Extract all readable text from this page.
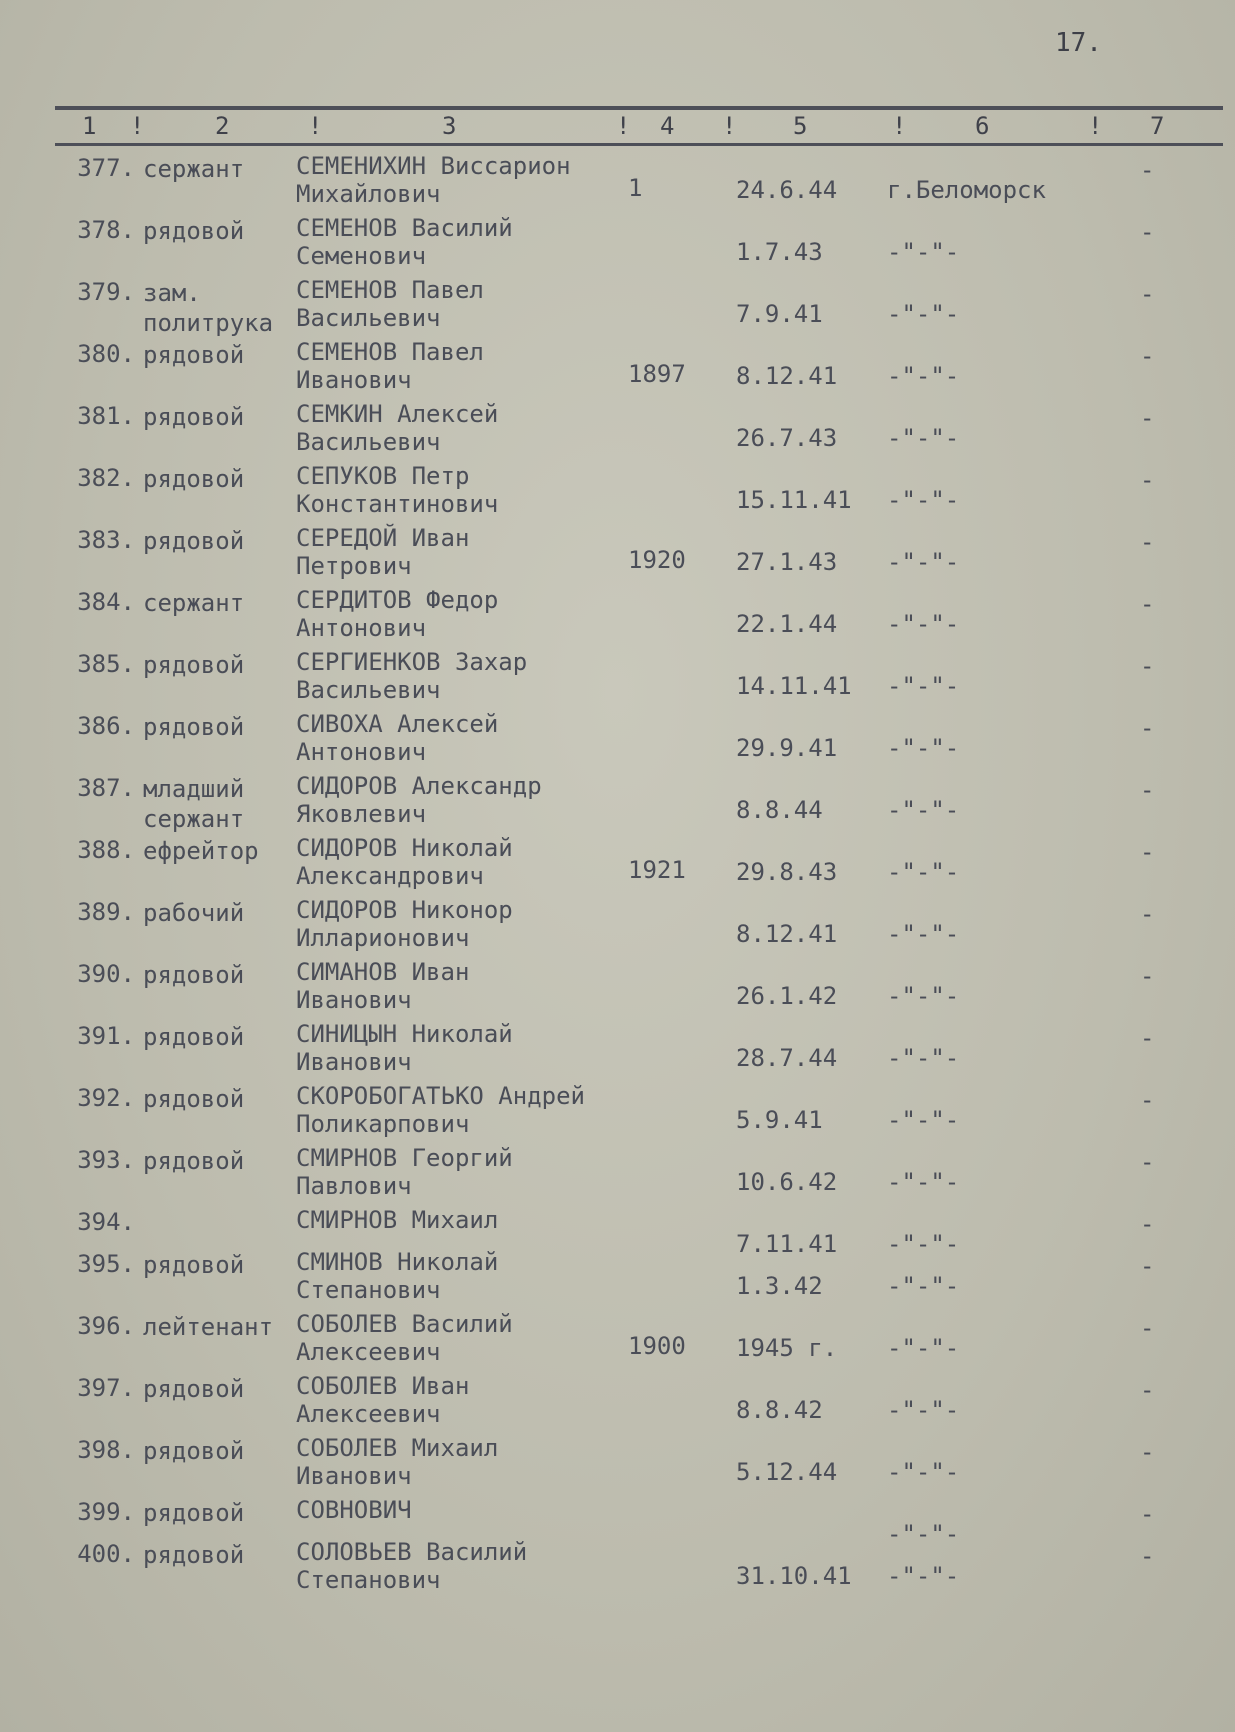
17.
1 !	2	!	3	! 4 ! 5	!	6	! 7
377. сержант СЕМЕНИХИН Виссарион
Михайлович	1	24.6.44 г.Беломорск
-
378. рядовой СЕМЕНОВ Василий
Семенович	1.7.43	-"-"-
-
379. зам.
политрука
СЕМЕНОВ Павел
Васильевич	7.9.41	-"-"-
-
380. рядовой СЕМЕНОВ Павел
Иванович	1897 8.12.41 -"-"-
-
381. рядовой СЕМКИН Алексей
Васильевич	26.7.43 -"-"-
-
382. рядовой СЕПУКОВ Петр
Константинович	15.11.41 -"-"-
-
383. рядовой СЕРЕДОЙ Иван
Петрович	1920 27.1.43 -"-"-
-
384. сержант СЕРДИТОВ Федор
Антонович	22.1.44 -"-"-
-
385. рядовой СЕРГИЕНКОВ Захар
Васильевич	14.11.41 -"-"-
-
386. рядовой СИВОХА Алексей
Антонович	29.9.41 -"-"-
-
387. младший
сержант
СИДОРОВ Александр
Яковлевич	8.8.44	-"-"-
-
388. ефрейтор СИДОРОВ Николай
Александрович	1921 29.8.43 -"-"-
-
389. рабочий СИДОРОВ Никонор
Илларионович	8.12.41 -"-"-
-
390. рядовой СИМАНОВ Иван
Иванович	26.1.42 -"-"-
-
391. рядовой СИНИЦЫН Николай
Иванович	28.7.44 -"-"-
-
392. рядовой СКОРОБОГАТЬКО Андрей
Поликарпович	5.9.41	-"-"-
-
393. рядовой СМИРНОВ Георгий
Павлович	10.6.42 -"-"-
-
394.	СМИРНОВ Михаил
7.11.41 -"-"-
-
395. рядовой СМИНОВ Николай
Степанович	1.3.42	-"-"-
-
396. лейтенант СОБОЛЕВ Василий
Алексеевич	1900 1945 г. -"-"-
-
397. рядовой СОБОЛЕВ Иван
Алексеевич	8.8.42	-"-"-
-
398. рядовой СОБОЛЕВ Михаил
Иванович	5.12.44 -"-"-
-
399. рядовой СОВНОВИЧ
-"-"-
-
400. рядовой СОЛОВЬЕВ Василий
Степанович	31.10.41 -"-"-
-
